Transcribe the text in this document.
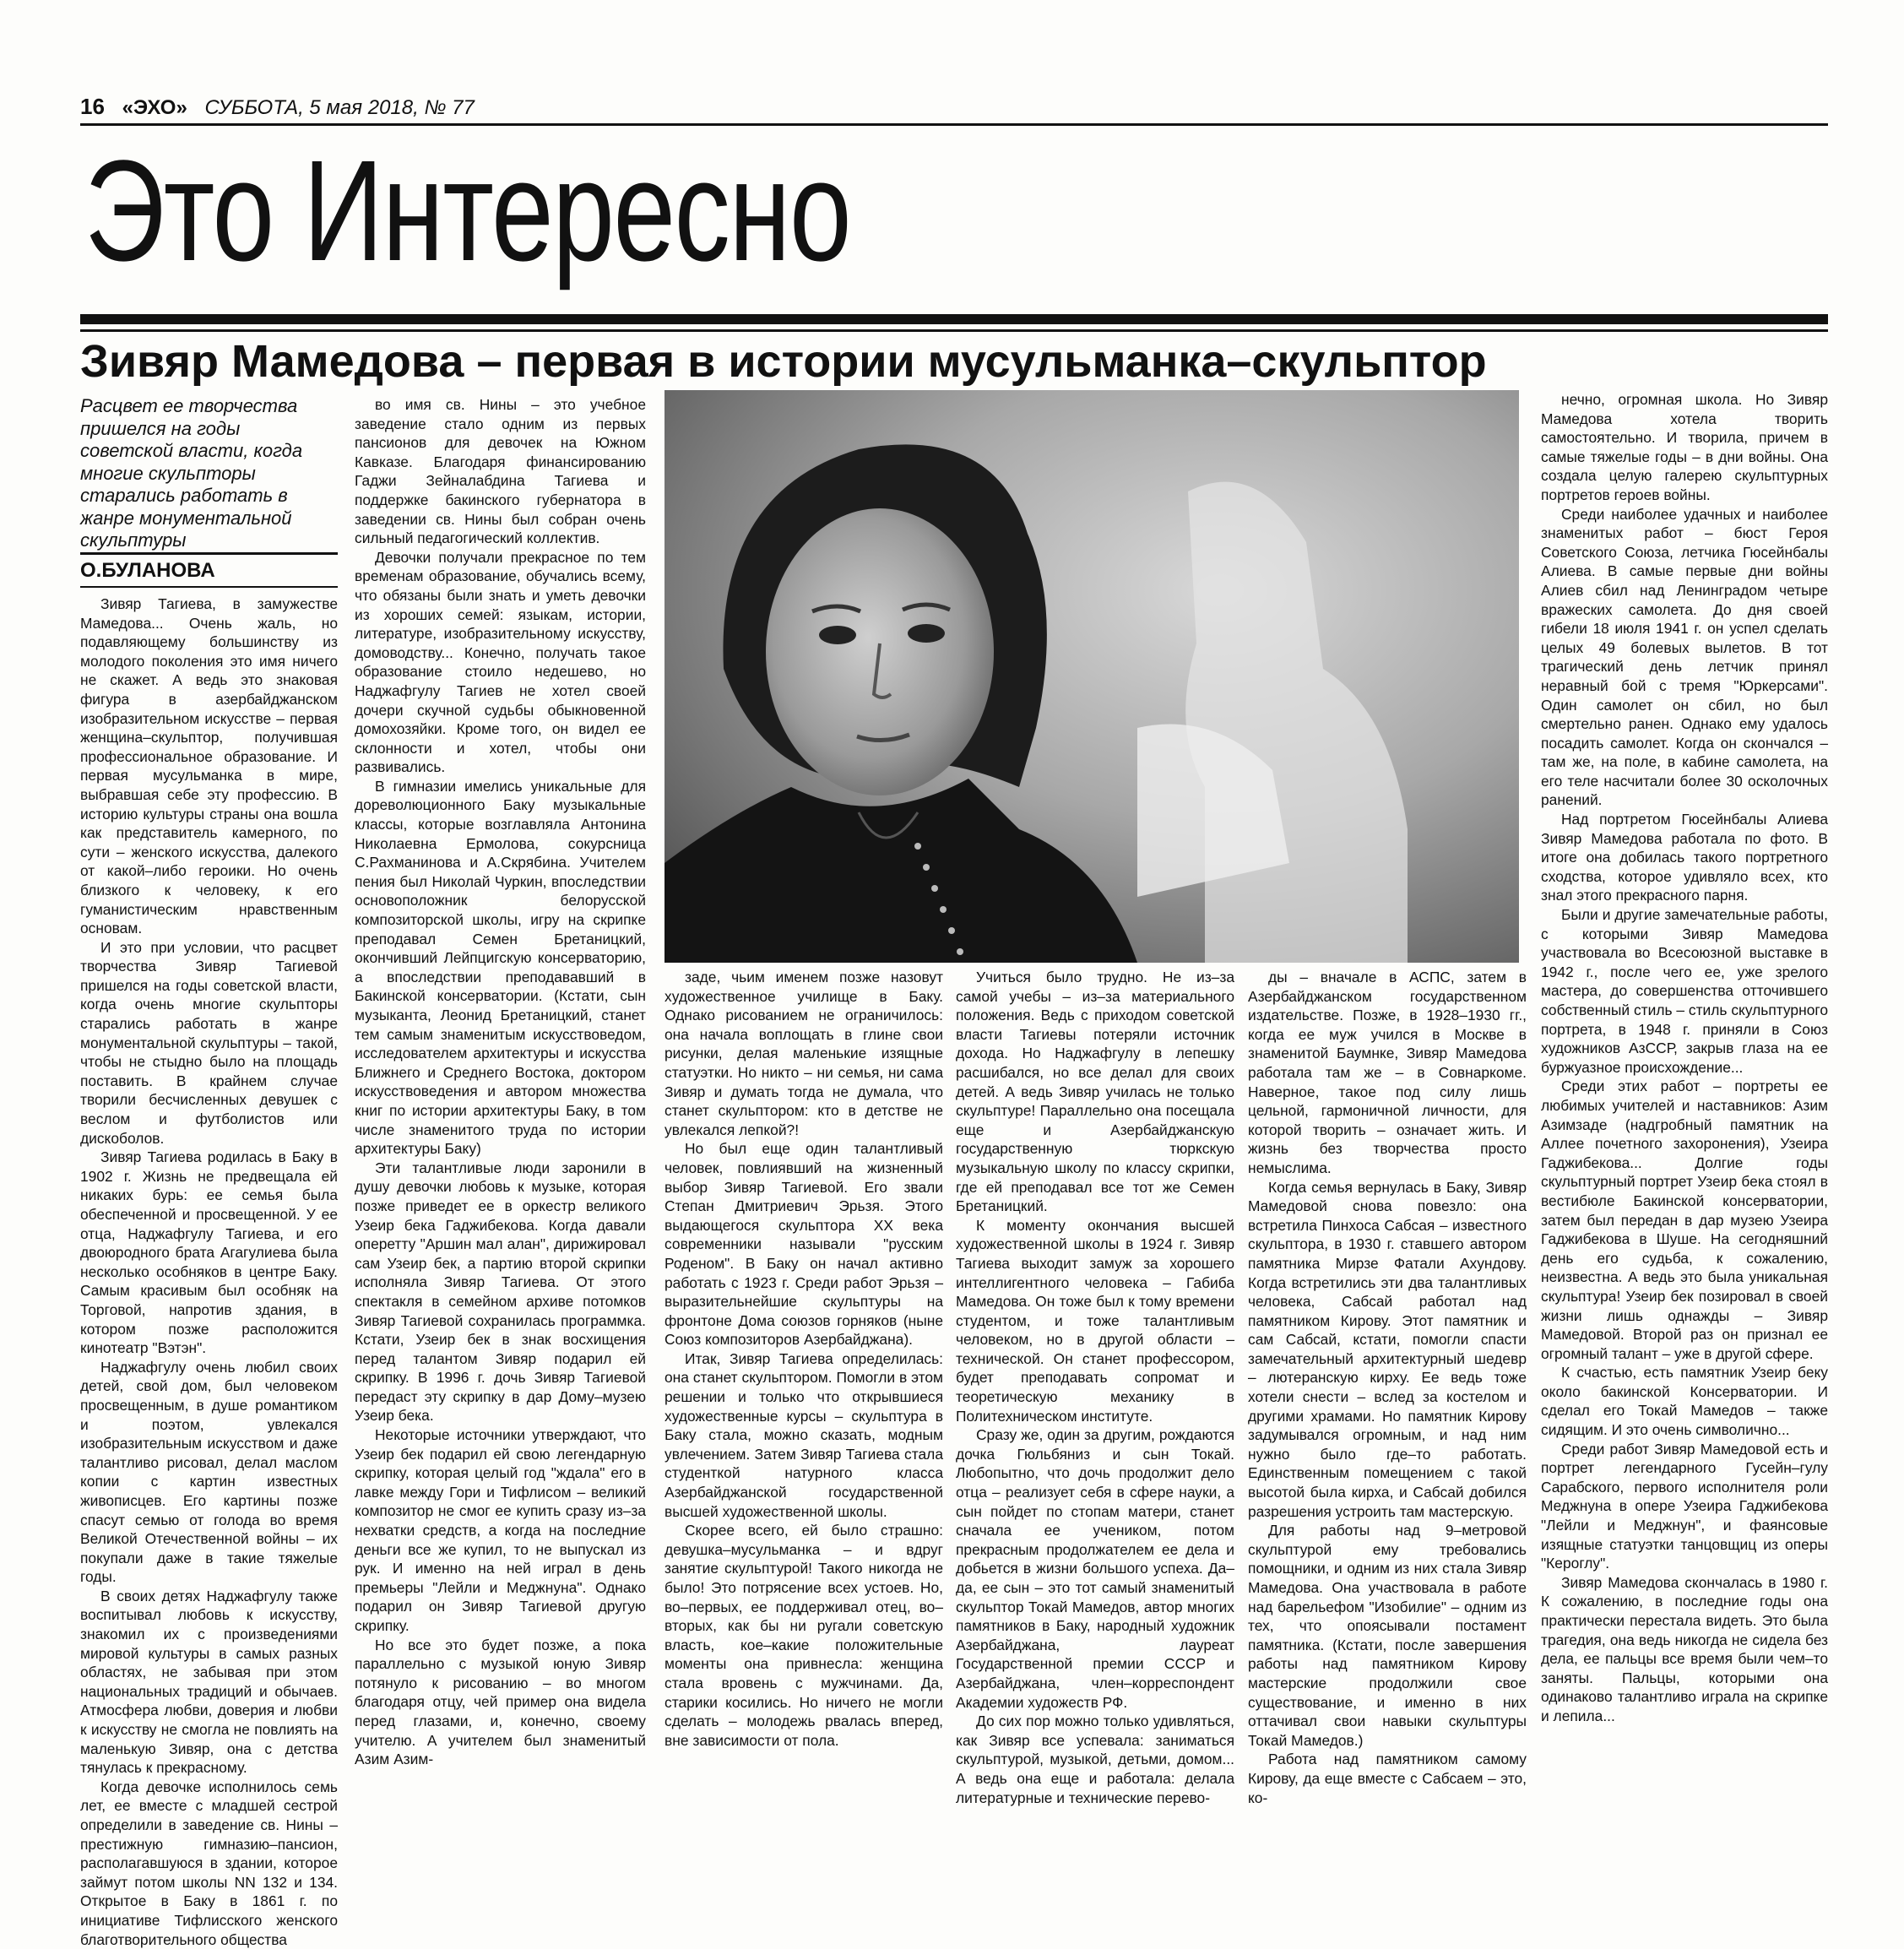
16 «ЭХО» СУББОТА, 5 мая 2018, № 77
Это Интересно
Зивяр Мамедова – первая в истории мусульманка–скульптор
Расцвет ее творчества пришелся на годы советской власти, когда многие скульпторы старались работать в жанре монументальной скульптуры
О.БУЛАНОВА

Зивяр Тагиева, в замужестве Мамедова... Очень жаль, но подавляющему большинству из молодого поколения это имя ничего не скажет. А ведь это знаковая фигура в азербайджанском изобразительном искусстве – первая женщина–скульптор, получившая профессиональное образование. И первая мусульманка в мире, выбравшая себе эту профессию. В историю культуры страны она вошла как представитель камерного, по сути – женского искусства, далекого от какой–либо героики. Но очень близкого к человеку, к его гуманистическим нравственным основам.

И это при условии, что расцвет творчества Зивяр Тагиевой пришелся на годы советской власти, когда очень многие скульпторы старались работать в жанре монументальной скульптуры – такой, чтобы не стыдно было на площадь поставить. В крайнем случае творили бесчисленных девушек с веслом и футболистов или дискоболов.

Зивяр Тагиева родилась в Баку в 1902 г. Жизнь не предвещала ей никаких бурь: ее семья была обеспеченной и просвещенной. У ее отца, Наджафгулу Тагиева, и его двоюродного брата Агагулиева была несколько особняков в центре Баку. Самым красивым был особняк на Торговой, напротив здания, в котором позже расположится кинотеатр "Вэтэн".

Наджафгулу очень любил своих детей, свой дом, был человеком просвещенным, в душе романтиком и поэтом, увлекался изобразительным искусством и даже талантливо рисовал, делал маслом копии с картин известных живописцев. Его картины позже спасут семью от голода во время Великой Отечественной войны – их покупали даже в такие тяжелые годы.

В своих детях Наджафгулу также воспитывал любовь к искусству, знакомил их с произведениями мировой культуры в самых разных областях, не забывая при этом национальных традиций и обычаев. Атмосфера любви, доверия и любви к искусству не смогла не повлиять на маленькую Зивяр, она с детства тянулась к прекрасному.

Когда девочке исполнилось семь лет, ее вместе с младшей сестрой определили в заведение св. Нины – престижную гимназию–пансион, располагавшуюся в здании, которое займут потом школы NN 132 и 134. Открытое в Баку в 1861 г. по инициативе Тифлисского женского благотворительного общества

во имя св. Нины – это учебное заведение стало одним из первых пансионов для девочек на Южном Кавказе. Благодаря финансированию Гаджи Зейналабдина Тагиева и поддержке бакинского губернатора в заведении св. Нины был собран очень сильный педагогический коллектив.

Девочки получали прекрасное по тем временам образование, обучались всему, что обязаны были знать и уметь девочки из хороших семей: языкам, истории, литературе, изобразительному искусству, домоводству... Конечно, получать такое образование стоило недешево, но Наджафгулу Тагиев не хотел своей дочери скучной судьбы обыкновенной домохозяйки. Кроме того, он видел ее склонности и хотел, чтобы они развивались.

В гимназии имелись уникальные для дореволюционного Баку музыкальные классы, которые возглавляла Антонина Николаевна Ермолова, сокурсница С.Рахманинова и А.Скрябина. Учителем пения был Николай Чуркин, впоследствии основоположник белорусской композиторской школы, игру на скрипке преподавал Семен Бретаницкий, окончивший Лейпцигскую консерваторию, а впоследствии преподававший в Бакинской консерватории. (Кстати, сын музыканта, Леонид Бретаницкий, станет тем самым знаменитым искусствоведом, исследователем архитектуры и искусства Ближнего и Среднего Востока, доктором искусствоведения и автором множества книг по истории архитектуры Баку, в том числе знаменитого труда по истории архитектуры Баку)

Эти талантливые люди заронили в душу девочки любовь к музыке, которая позже приведет ее в оркестр великого Узеир бека Гаджибекова. Когда давали оперетту "Аршин мал алан", дирижировал сам Узеир бек, а партию второй скрипки исполняла Зивяр Тагиева. От этого спектакля в семейном архиве потомков Зивяр Тагиевой сохранилась программка. Кстати, Узеир бек в знак восхищения перед талантом Зивяр подарил ей скрипку. В 1996 г. дочь Зивяр Тагиевой передаст эту скрипку в дар Дому–музею Узеир бека.

Некоторые источники утверждают, что Узеир бек подарил ей свою легендарную скрипку, которая целый год "ждала" его в лавке между Гори и Тифлисом – великий композитор не смог ее купить сразу из–за нехватки средств, а когда на последние деньги все же купил, то не выпускал из рук. И именно на ней играл в день премьеры "Лейли и Меджнуна". Однако подарил он Зивяр Тагиевой другую скрипку.

Но все это будет позже, а пока параллельно с музыкой юную Зивяр потянуло к рисованию – во многом благодаря отцу, чей пример она видела перед глазами, и, конечно, своему учителю. А учителем был знаменитый Азим Азим-

заде, чьим именем позже назовут художественное училище в Баку. Однако рисованием не ограничилось: она начала воплощать в глине свои рисунки, делая маленькие изящные статуэтки. Но никто – ни семья, ни сама Зивяр и думать тогда не думала, что станет скульптором: кто в детстве не увлекался лепкой?!

Но был еще один талантливый человек, повлиявший на жизненный выбор Зивяр Тагиевой. Его звали Степан Дмитриевич Эрьзя. Этого выдающегося скульптора XX века современники называли "русским Роденом". В Баку он начал активно работать с 1923 г. Среди работ Эрьзя – выразительнейшие скульптуры на фронтоне Дома союзов горняков (ныне Союз композиторов Азербайджана).

Итак, Зивяр Тагиева определилась: она станет скульптором. Помогли в этом решении и только что открывшиеся художественные курсы – скульптура в Баку стала, можно сказать, модным увлечением. Затем Зивяр Тагиева стала студенткой натурного класса Азербайджанской государственной высшей художественной школы.

Скорее всего, ей было страшно: девушка–мусульманка – и вдруг занятие скульптурой! Такого никогда не было! Это потрясение всех устоев. Но, во–первых, ее поддерживал отец, во–вторых, как бы ни ругали советскую власть, кое–какие положительные моменты она привнесла: женщина стала вровень с мужчинами. Да, старики косились. Но ничего не могли сделать – молодежь рвалась вперед, вне зависимости от пола.

Учиться было трудно. Не из–за самой учебы – из–за материального положения. Ведь с приходом советской власти Тагиевы потеряли источник дохода. Но Наджафгулу в лепешку расшибался, но все делал для своих детей. А ведь Зивяр училась не только скульптуре! Параллельно она посещала еще и Азербайджанскую государственную тюркскую музыкальную школу по классу скрипки, где ей преподавал все тот же Семен Бретаницкий.

К моменту окончания высшей художественной школы в 1924 г. Зивяр Тагиева выходит замуж за хорошего интеллигентного человека – Габиба Мамедова. Он тоже был к тому времени студентом, и тоже талантливым человеком, но в другой области – технической. Он станет профессором, будет преподавать сопромат и теоретическую механику в Политехническом институте.

Сразу же, один за другим, рождаются дочка Гюльбяниз и сын Токай. Любопытно, что дочь продолжит дело отца – реализует себя в сфере науки, а сын пойдет по стопам матери, станет сначала ее учеником, потом прекрасным продолжателем ее дела и добьется в жизни большого успеха. Да–да, ее сын – это тот самый знаменитый скульптор Токай Мамедов, автор многих памятников в Баку, народный художник Азербайджана, лауреат Государственной премии СССР и Азербайджана, член–корреспондент Академии художеств РФ.

До сих пор можно только удивляться, как Зивяр все успевала: заниматься скульптурой, музыкой, детьми, домом... А ведь она еще и работала: делала литературные и технические перево-

ды – вначале в АСПС, затем в Азербайджанском государственном издательстве. Позже, в 1928–1930 гг., когда ее муж учился в Москве в знаменитой Баумнке, Зивяр Мамедова работала там же – в Совнаркоме. Наверное, такое под силу лишь цельной, гармоничной личности, для которой творить – означает жить. И жизнь без творчества просто немыслима.

Когда семья вернулась в Баку, Зивяр Мамедовой снова повезло: она встретила Пинхоса Сабсая – известного скульптора, в 1930 г. ставшего автором памятника Мирзе Фатали Ахундову. Когда встретились эти два талантливых человека, Сабсай работал над памятником Кирову. Этот памятник и сам Сабсай, кстати, помогли спасти замечательный архитектурный шедевр – лютеранскую кирху. Ее ведь тоже хотели снести – вслед за костелом и другими храмами. Но памятник Кирову задумывался огромным, и над ним нужно было где–то работать. Единственным помещением с такой высотой была кирха, и Сабсай добился разрешения устроить там мастерскую.

Для работы над 9–метровой скульптурой ему требовались помощники, и одним из них стала Зивяр Мамедова. Она участвовала в работе над барельефом "Изобилие" – одним из тех, что опоясывали постамент памятника. (Кстати, после завершения работы над памятником Кирову мастерские продолжили свое существование, и именно в них оттачивал свои навыки скульптуры Токай Мамедов.)

Работа над памятником самому Кирову, да еще вместе с Сабсаем – это, ко-

нечно, огромная школа. Но Зивяр Мамедова хотела творить самостоятельно. И творила, причем в самые тяжелые годы – в дни войны. Она создала целую галерею скульптурных портретов героев войны.

Среди наиболее удачных и наиболее знаменитых работ – бюст Героя Советского Союза, летчика Гюсейнбалы Алиева. В самые первые дни войны Алиев сбил над Ленинградом четыре вражеских самолета. До дня своей гибели 18 июля 1941 г. он успел сделать целых 49 болевых вылетов. В тот трагический день летчик принял неравный бой с тремя "Юркерсами". Один самолет он сбил, но был смертельно ранен. Однако ему удалось посадить самолет. Когда он скончался – там же, на поле, в кабине самолета, на его теле насчитали более 30 осколочных ранений.

Над портретом Гюсейнбалы Алиева Зивяр Мамедова работала по фото. В итоге она добилась такого портретного сходства, которое удивляло всех, кто знал этого прекрасного парня.

Были и другие замечательные работы, с которыми Зивяр Мамедова участвовала во Всесоюзной выставке в 1942 г., после чего ее, уже зрелого мастера, до совершенства отточившего собственный стиль – стиль скульптурного портрета, в 1948 г. приняли в Союз художников АзССР, закрыв глаза на ее буржуазное происхождение...

Среди этих работ – портреты ее любимых учителей и наставников: Азим Азимзаде (надгробный памятник на Аллее почетного захоронения), Узеира Гаджибекова... Долгие годы скульптурный портрет Узеир бека стоял в вестибюле Бакинской консерватории, затем был передан в дар музею Узеира Гаджибекова в Шуше. На сегодняшний день его судьба, к сожалению, неизвестна. А ведь это была уникальная скульптура! Узеир бек позировал в своей жизни лишь однажды – Зивяр Мамедовой. Второй раз он признал ее огромный талант – уже в другой сфере.

К счастью, есть памятник Узеир беку около бакинской Консерватории. И сделал его Токай Мамедов – также сидящим. И это очень символично...

Среди работ Зивяр Мамедовой есть и портрет легендарного Гусейн–гулу Сарабского, первого исполнителя роли Меджнуна в опере Узеира Гаджибекова "Лейли и Меджнун", и фаянсовые изящные статуэтки танцовщиц из оперы "Кероглу".

Зивяр Мамедова скончалась в 1980 г. К сожалению, в последние годы она практически перестала видеть. Это была трагедия, она ведь никогда не сидела без дела, ее пальцы все время были чем–то заняты. Пальцы, которыми она одинаково талантливо играла на скрипке и лепила...
